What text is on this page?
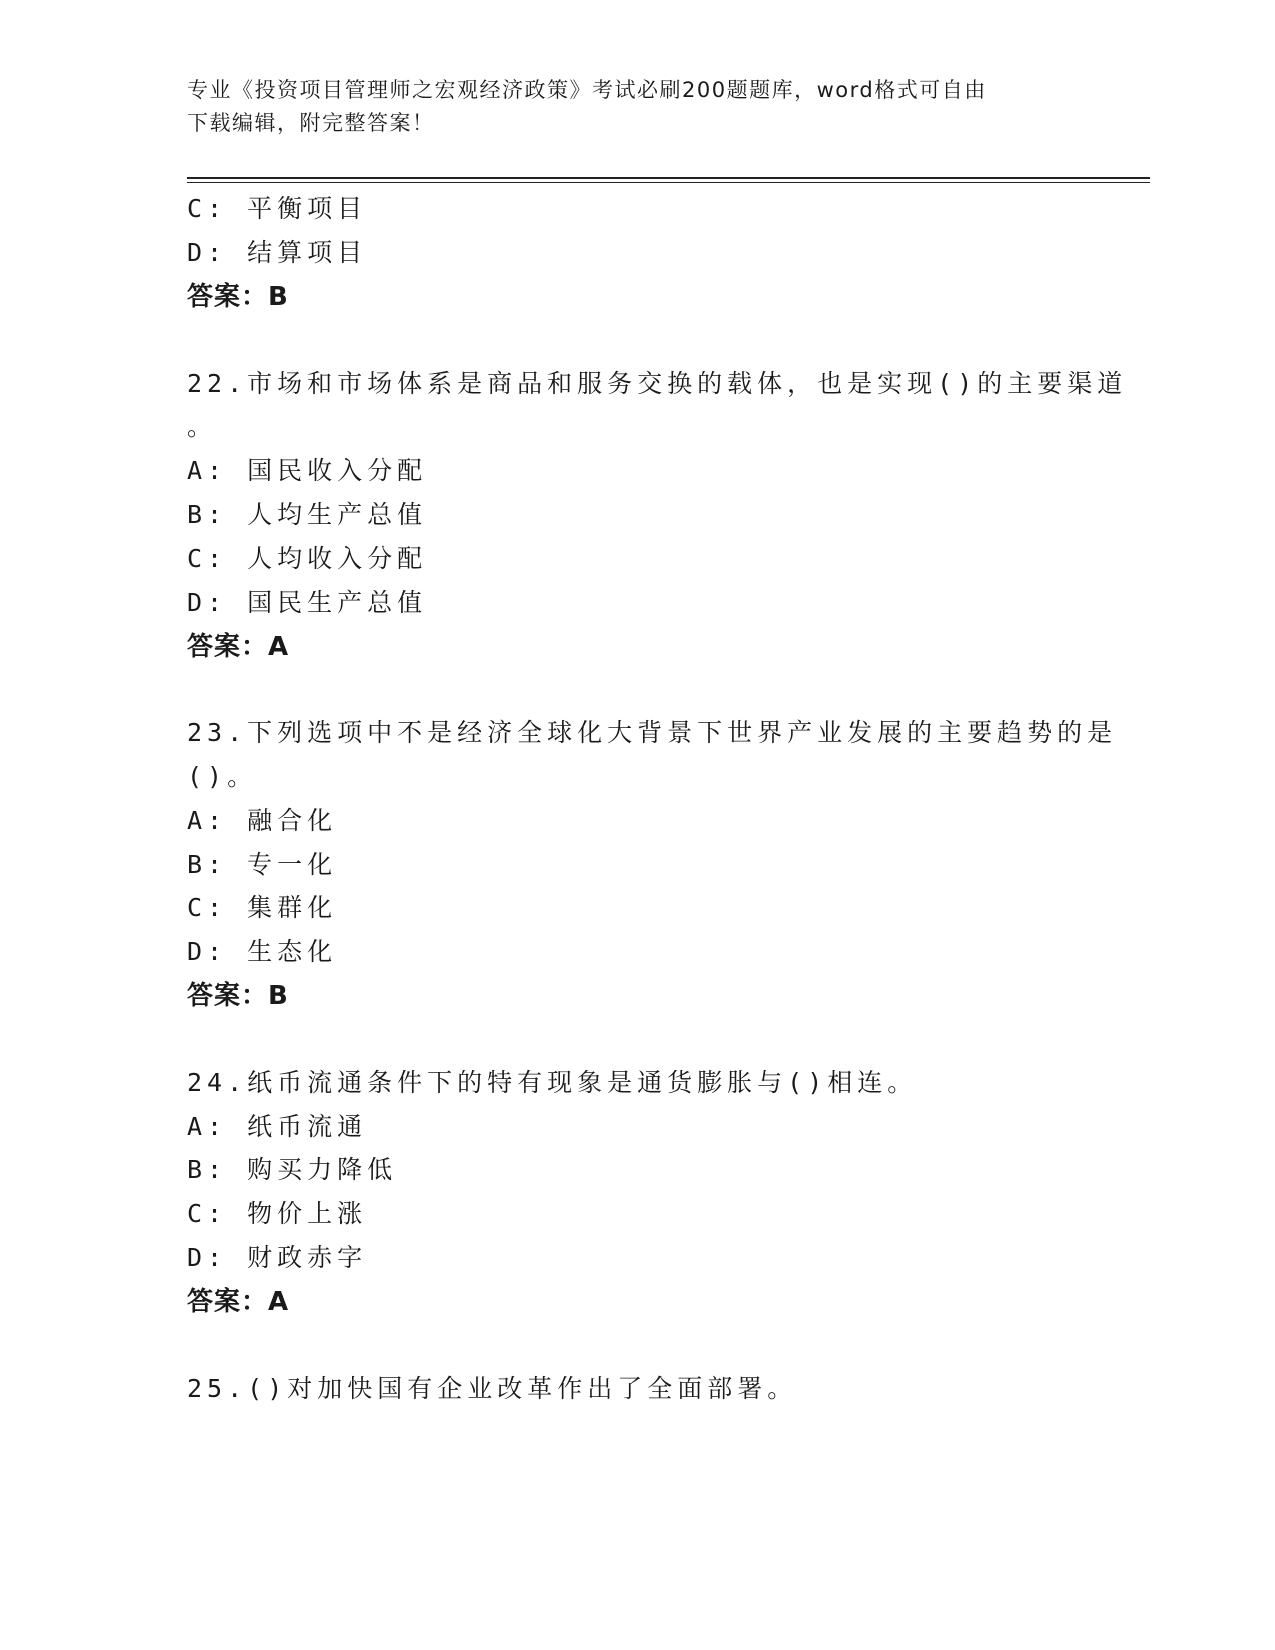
专业《投资项目管理师之宏观经济政策》考试必刷200题题库，word格式可自由
下载编辑，附完整答案！
C: 平衡项目
D: 结算项目
答案：B
22.市场和市场体系是商品和服务交换的载体，也是实现()的主要渠道
。
A: 国民收入分配
B: 人均生产总值
C: 人均收入分配
D: 国民生产总值
答案：A
23.下列选项中不是经济全球化大背景下世界产业发展的主要趋势的是
()。
A: 融合化
B: 专一化
C: 集群化
D: 生态化
答案：B
24.纸币流通条件下的特有现象是通货膨胀与()相连。
A: 纸币流通
B: 购买力降低
C: 物价上涨
D: 财政赤字
答案：A
25.()对加快国有企业改革作出了全面部署。
